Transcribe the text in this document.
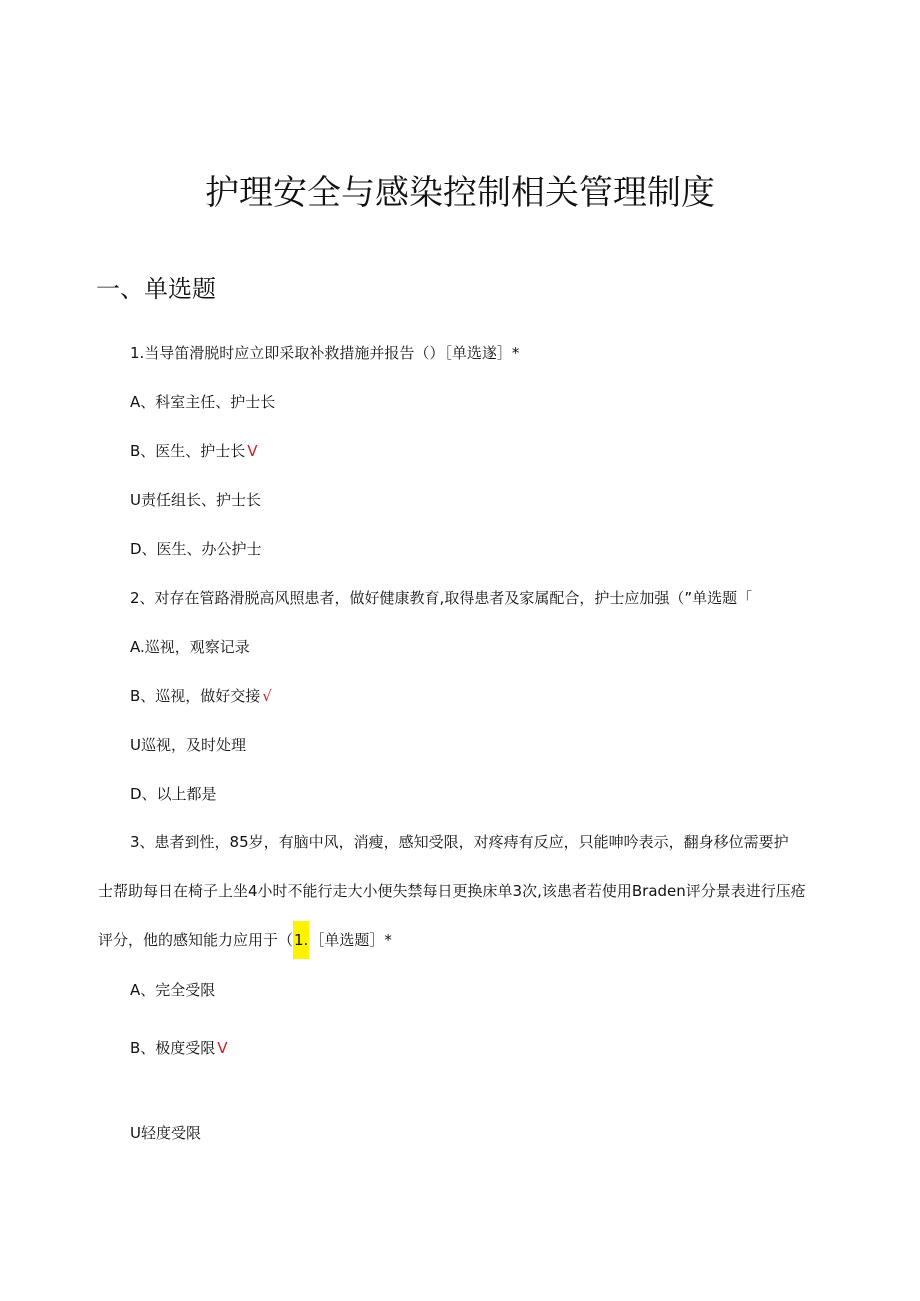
护理安全与感染控制相关管理制度
一、单选题
1.当导笛滑脱时应立即采取补救措施并报告（）［单选遂］*
A、科室主任、护士长
B、医生、护士长 V
U责任组长、护士长
D、医生、办公护士
2、对存在管路滑脱高风照患者，做好健康教育,取得患者及家属配合，护士应加强（”单选题「
A.巡视，观察记录
B、巡视，做好交接 √
U巡视，及时处理
D、以上都是
3、患者到性，85岁，有脑中风，消瘦，感知受限，对疼痔有反应，只能呻吟表示，翻身移位需要护
士帮助每日在椅子上坐4小时不能行走大小便失禁每日更换床单3次,该患者若使用Braden评分景表进行压疮
评分，他的感知能力应用于（1.［单选题］*
A、完全受限
B、极度受限 V
U轻度受限
